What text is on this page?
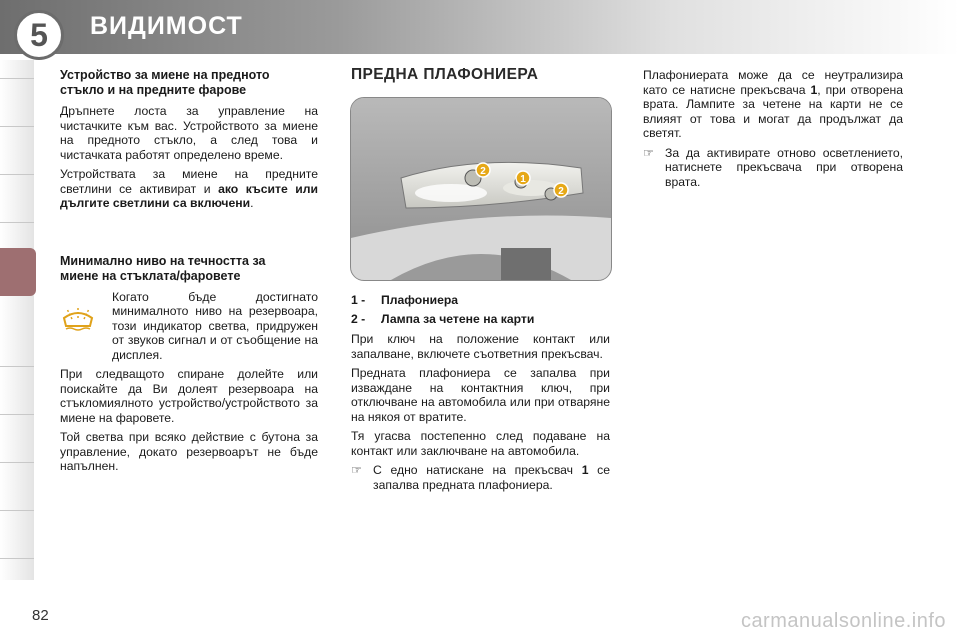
5	ВИДИМОСТ
Устройство за миене на предното
стъкло и на предните фарове

Дръпнете лоста за управление на чистачките към вас. Устройството за миене на предното стъкло, а след това и чистачката работят определено време.

Устройствата за миене на предните светлини се активират и ако късите или дългите светлини са включени.

Минимално ниво на течността за
миене на стъклата/фаровете
Когато бъде достигнато минималното ниво на резервоара, този индикатор светва, придружен от звуков сигнал и от съобщение на дисплея.

При следващото спиране долейте или поискайте да Ви долеят резервоара на стъкломиялното устройство/устройството за миене на фаровете.

Той светва при всяко действие с бутона за управление, докато резервоарът не бъде напълнен.

ПРЕДНА ПЛАФОНИЕРА
2
1
2
1 -	Плафониера
2 -	Лампа за четене на карти

При ключ на положение контакт или запалване, включете съответния прекъсвач.

Предната плафониера се запалва при изваждане на контактния ключ, при отключване на автомобила или при отваряне на някоя от вратите.

Тя угасва постепенно след подаване на контакт или заключване на автомобила.

☞ С едно натискане на прекъсвач 1 се запалва предната плафониера.

Плафониерата може да се неутрализира като се натисне прекъсвача 1, при отворена врата. Лампите за четене на карти не се влияят от това и могат да продължат да светят.

☞ За да активирате отново осветлението, натиснете прекъсвача при отворена врата.
82	carmanualsonline.info
